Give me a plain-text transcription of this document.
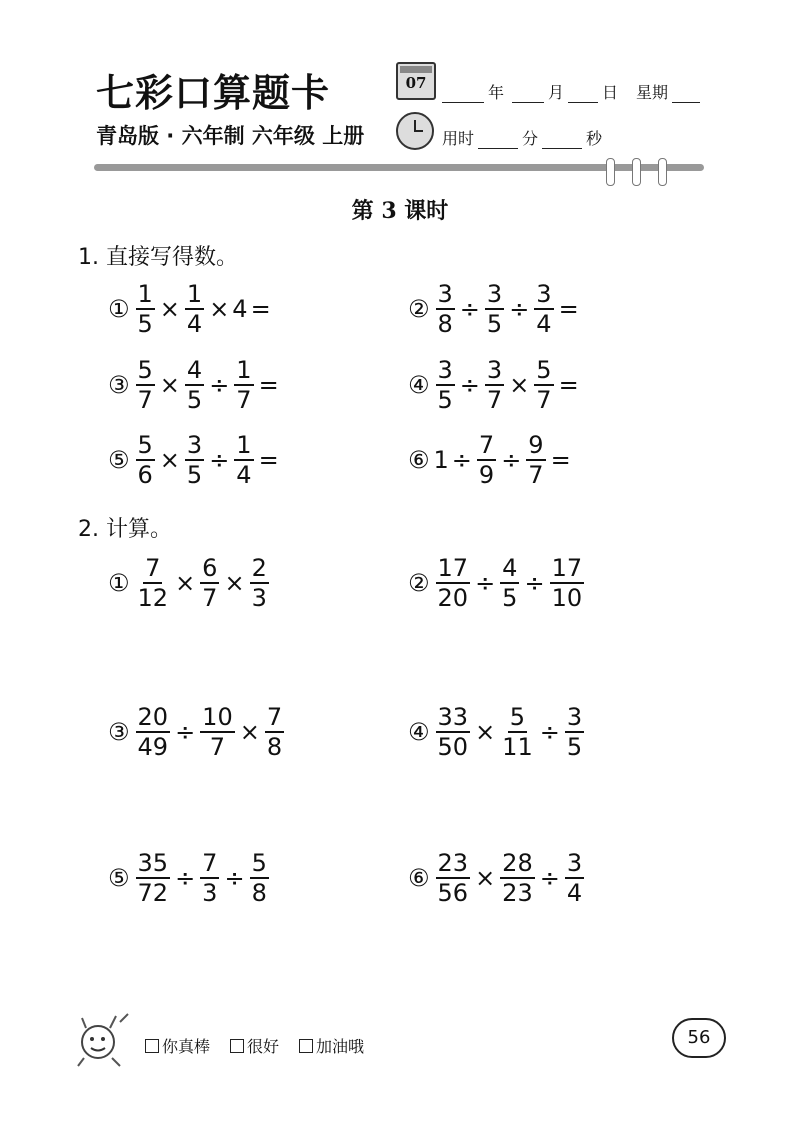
七彩口算题卡
青岛版 · 六年制 六年级 上册
07	年	月 日 星期
用时	分	秒
第 3 课时
1. 直接写得数。
① $\frac{1}{5} \times \frac{1}{4} \times 4$ =	② $\frac{3}{8} \div \frac{3}{5} \div \frac{3}{4}$ =
③ $\frac{5}{7} \times \frac{4}{5} \div \frac{1}{7}$ =	④ $\frac{3}{5} \div \frac{3}{7} \times \frac{5}{7}$ =
⑤ $\frac{5}{6} \times \frac{3}{5} \div \frac{1}{4}$ =	⑥ $1 \div \frac{7}{9} \div \frac{9}{7}$ =
2. 计算。
① $\frac{7}{12} \times \frac{6}{7} \times \frac{2}{3}$	② $\frac{17}{20} \div \frac{4}{5} \div \frac{17}{10}$
③ $\frac{20}{49} \div \frac{10}{7} \times \frac{7}{8}$	④ $\frac{33}{50} \times \frac{5}{11} \div \frac{3}{5}$
⑤ $\frac{35}{72} \div \frac{7}{3} \div \frac{5}{8}$	⑥ $\frac{23}{56} \times \frac{28}{23} \div \frac{3}{4}$
你真棒	很好	加油哦	56
